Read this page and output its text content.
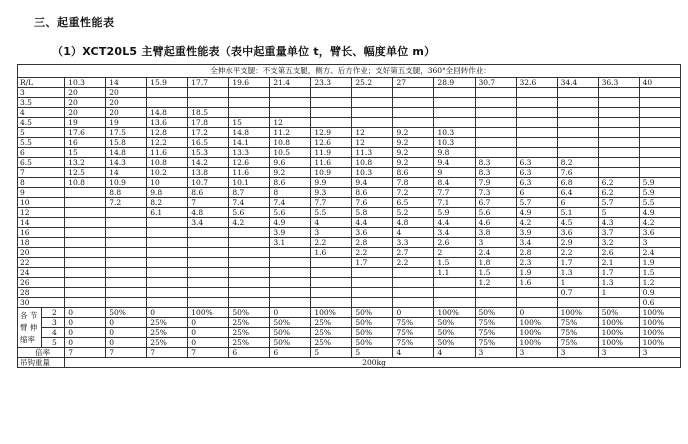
三、起重性能表
（1）XCT20L5 主臂起重性能表（表中起重量单位 t，臂长、幅度单位 m）
全伸水平支腿：不支第五支腿，侧方、后方作业；支好第五支腿，360°全回转作业：																
R/L		10.3	14	15.9	17.7	19.6	21.4	23.3	25.2	27	28.9	30.7	32.6	34.4	36.3	40
3		20	20													
3.5		20	20													
4		20	20	14.8	18.5											
4.5		19	19	13.6	17.8	15	12									
5		17.6	17.5	12.8	17.2	14.8	11.2	12.9	12	9.2	10.3					
5.5		16	15.8	12.2	16.5	14.1	10.8	12.6	12	9.2	10.3					
6		15	14.8	11.6	15.3	13.3	10.5	11.9	11.3	9.2	9.8					
6.5		13.2	14.3	10.8	14.2	12.6	9.6	11.6	10.8	9.2	9.4	8.3	6.3	8.2		
7		12.5	14	10.2	13.8	11.6	9.2	10.9	10.3	8.6	9	8.3	6.3	7.6		
8		10.8	10.9	10	10.7	10.1	8.6	9.9	9.4	7.8	8.4	7.9	6.3	6.8	6.2	5.9
9			8.8	9.8	8.6	8.7	8	9.3	8.6	7.2	7.7	7.3	6	6.4	6.2	5.9
10			7.2	8.2	7	7.4	7.4	7.7	7.6	6.5	7.1	6.7	5.7	6	5.7	5.5
12				6.1	4.8	5.6	5.6	5.5	5.8	5.2	5.9	5.6	4.9	5.1	5	4.9
14					3.4	4.2	4.9	4	4.4	4.8	4.4	4.6	4.2	4.5	4.3	4.2
16							3.9	3	3.6	4	3.4	3.8	3.9	3.6	3.7	3.6
18							3.1	2.2	2.8	3.3	2.6	3	3.4	2.9	3.2	3
20								1.6	2.2	2.7	2	2.4	2.8	2.2	2.6	2.4
22									1.7	2.2	1.5	1.8	2.3	1.7	2.1	1.9
24											1.1	1.5	1.9	1.3	1.7	1.5
26												1.2	1.6	1	1.3	1.2
28														0.7	1	0.9
30																0.6
各 节
臂 伸
缩率	2	0	50%	0	100%	50%	0	100%	50%	0	100%	50%	0	100%	50%	100%
	3	0	0	25%	0	25%	50%	25%	50%	75%	50%	75%	100%	75%	100%	100%
	4	0	0	25%	0	25%	50%	25%	50%	75%	50%	75%	100%	75%	100%	100%
	5	0	0	25%	0	25%	50%	25%	50%	75%	50%	75%	100%	75%	100%	100%
倍率		7	7	7	7	6	6	5	5	4	4	3	3	3	3	3
吊钩重量		200kg														
